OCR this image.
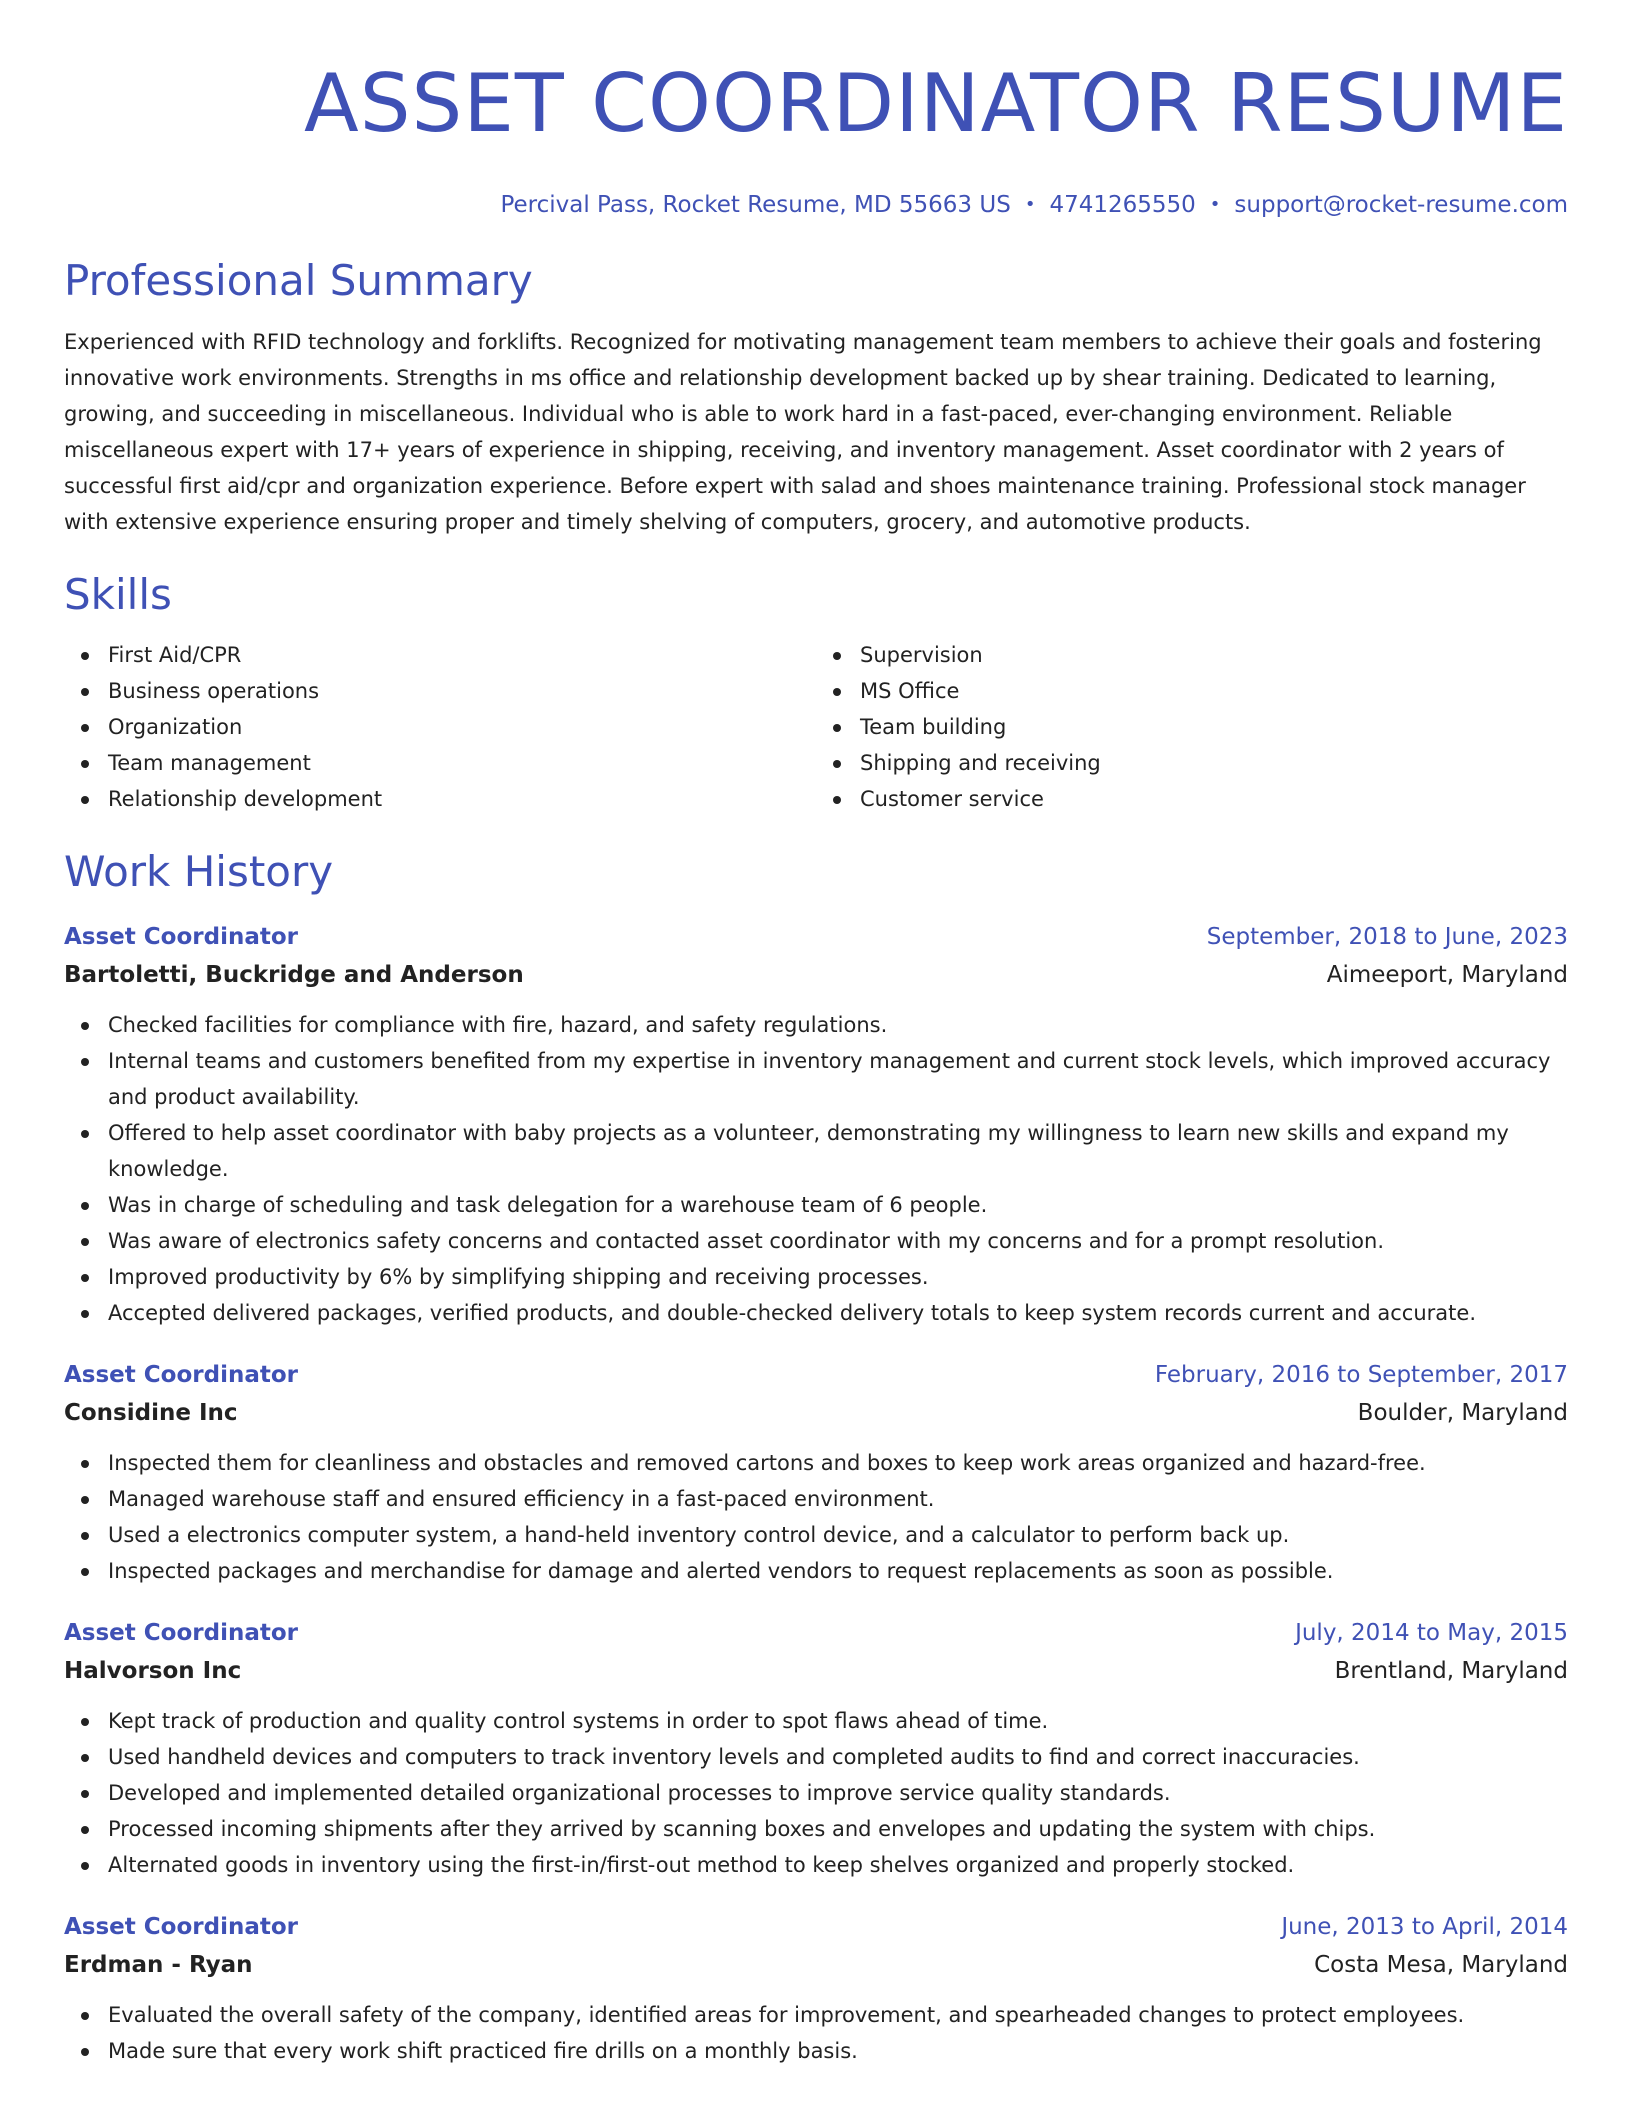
ASSET COORDINATOR RESUME
Percival Pass, Rocket Resume, MD 55663 US • 4741265550 • support@rocket-resume.com
Professional Summary

Experienced with RFID technology and forklifts. Recognized for motivating management team members to achieve their goals and fostering innovative work environments. Strengths in ms office and relationship development backed up by shear training. Dedicated to learning, growing, and succeeding in miscellaneous. Individual who is able to work hard in a fast-paced, ever-changing environment. Reliable miscellaneous expert with 17+ years of experience in shipping, receiving, and inventory management. Asset coordinator with 2 years of successful first aid/cpr and organization experience. Before expert with salad and shoes maintenance training. Professional stock manager with extensive experience ensuring proper and timely shelving of computers, grocery, and automotive products.

Skills
First Aid/CPR
Business operations
Organization
Team management
Relationship development
Supervision
MS Office
Team building
Shipping and receiving
Customer service
Work History
Asset Coordinator	September, 2018 to June, 2023
Bartoletti, Buckridge and Anderson	Aimeeport, Maryland
Checked facilities for compliance with fire, hazard, and safety regulations.
Internal teams and customers benefited from my expertise in inventory management and current stock levels, which improved accuracy and product availability.
Offered to help asset coordinator with baby projects as a volunteer, demonstrating my willingness to learn new skills and expand my knowledge.
Was in charge of scheduling and task delegation for a warehouse team of 6 people.
Was aware of electronics safety concerns and contacted asset coordinator with my concerns and for a prompt resolution.
Improved productivity by 6% by simplifying shipping and receiving processes.
Accepted delivered packages, verified products, and double-checked delivery totals to keep system records current and accurate.
Asset Coordinator	February, 2016 to September, 2017
Considine Inc	Boulder, Maryland
Inspected them for cleanliness and obstacles and removed cartons and boxes to keep work areas organized and hazard-free.
Managed warehouse staff and ensured efficiency in a fast-paced environment.
Used a electronics computer system, a hand-held inventory control device, and a calculator to perform back up.
Inspected packages and merchandise for damage and alerted vendors to request replacements as soon as possible.
Asset Coordinator	July, 2014 to May, 2015
Halvorson Inc	Brentland, Maryland
Kept track of production and quality control systems in order to spot flaws ahead of time.
Used handheld devices and computers to track inventory levels and completed audits to find and correct inaccuracies.
Developed and implemented detailed organizational processes to improve service quality standards.
Processed incoming shipments after they arrived by scanning boxes and envelopes and updating the system with chips.
Alternated goods in inventory using the first-in/first-out method to keep shelves organized and properly stocked.
Asset Coordinator	June, 2013 to April, 2014
Erdman - Ryan	Costa Mesa, Maryland
Evaluated the overall safety of the company, identified areas for improvement, and spearheaded changes to protect employees.
Made sure that every work shift practiced fire drills on a monthly basis.
